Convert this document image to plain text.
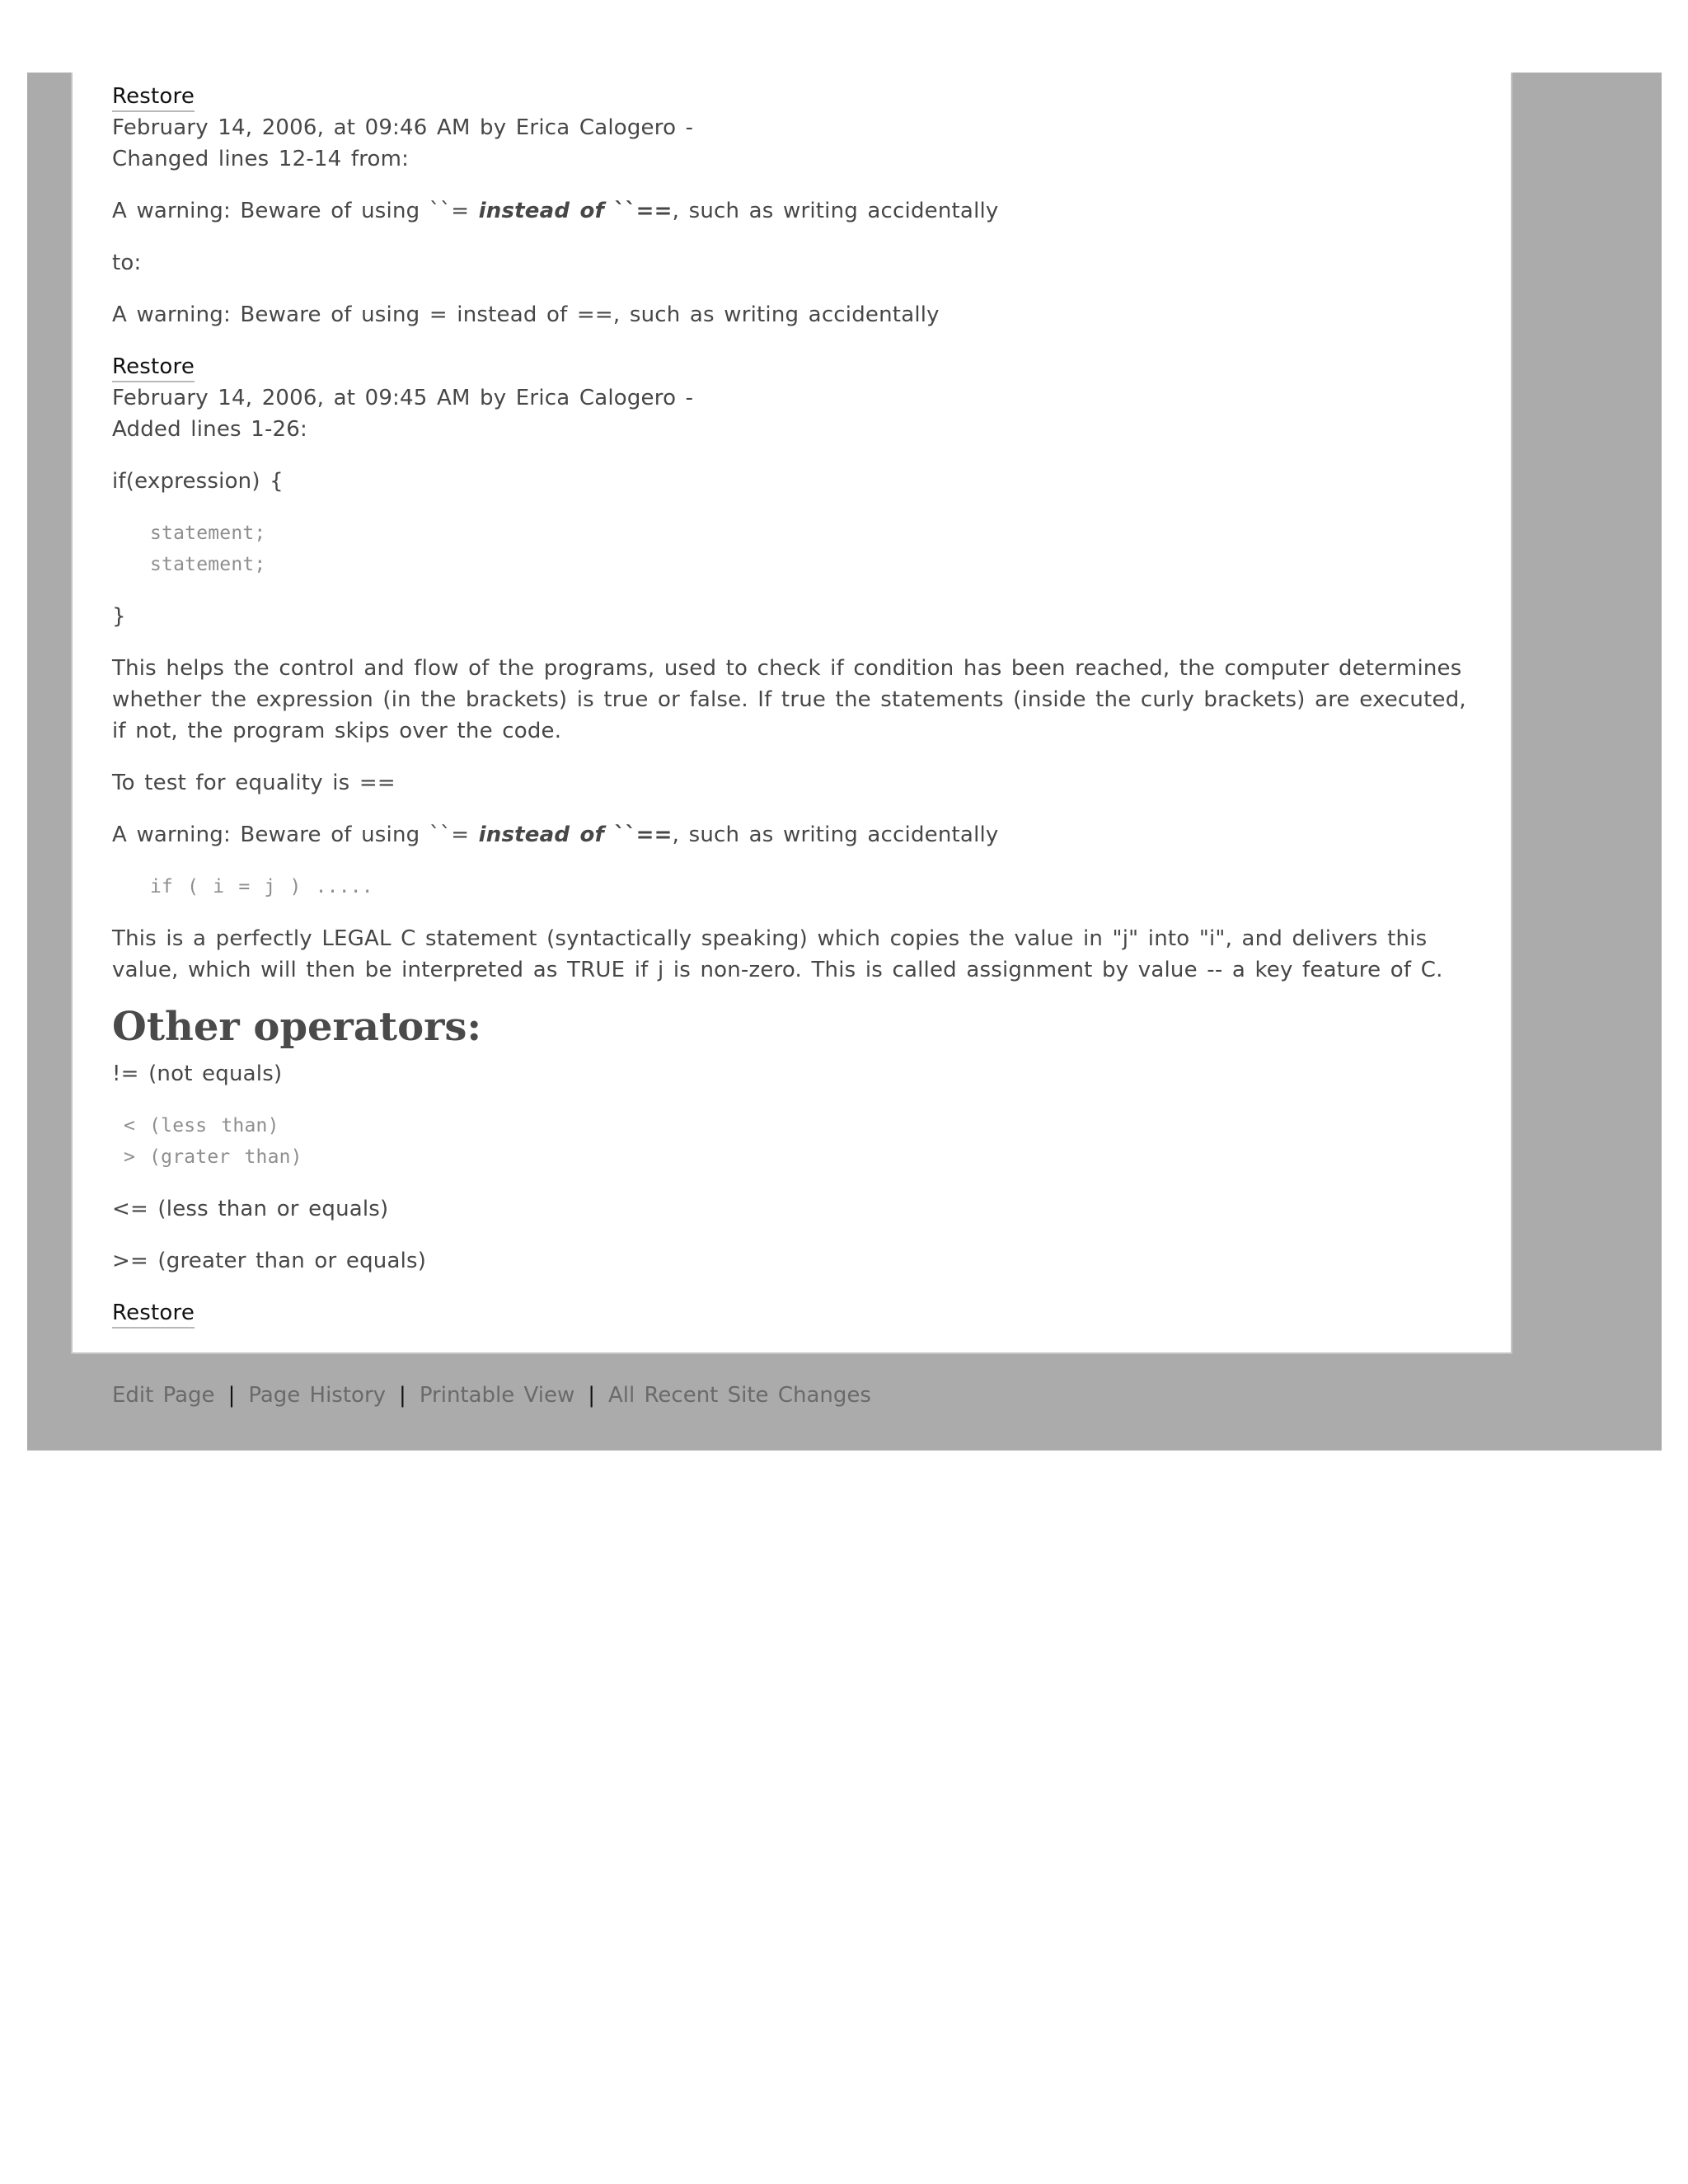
Restore
February 14, 2006, at 09:46 AM by Erica Calogero -
Changed lines 12-14 from:
A warning: Beware of using ``= instead of ``==, such as writing accidentally
to:
A warning: Beware of using = instead of ==, such as writing accidentally
Restore
February 14, 2006, at 09:45 AM by Erica Calogero -
Added lines 1-26:
if(expression) {
statement;
statement;
}
This helps the control and flow of the programs, used to check if condition has been reached, the computer determines whether the expression (in the brackets) is true or false. If true the statements (inside the curly brackets) are executed, if not, the program skips over the code.
To test for equality is ==
A warning: Beware of using ``= instead of ``==, such as writing accidentally
if ( i = j ) .....
This is a perfectly LEGAL C statement (syntactically speaking) which copies the value in "j" into "i", and delivers this value, which will then be interpreted as TRUE if j is non-zero. This is called assignment by value -- a key feature of C.
Other operators:
!= (not equals)
< (less than)
> (grater than)
<= (less than or equals)
>= (greater than or equals)
Restore
Edit Page | Page History | Printable View | All Recent Site Changes
